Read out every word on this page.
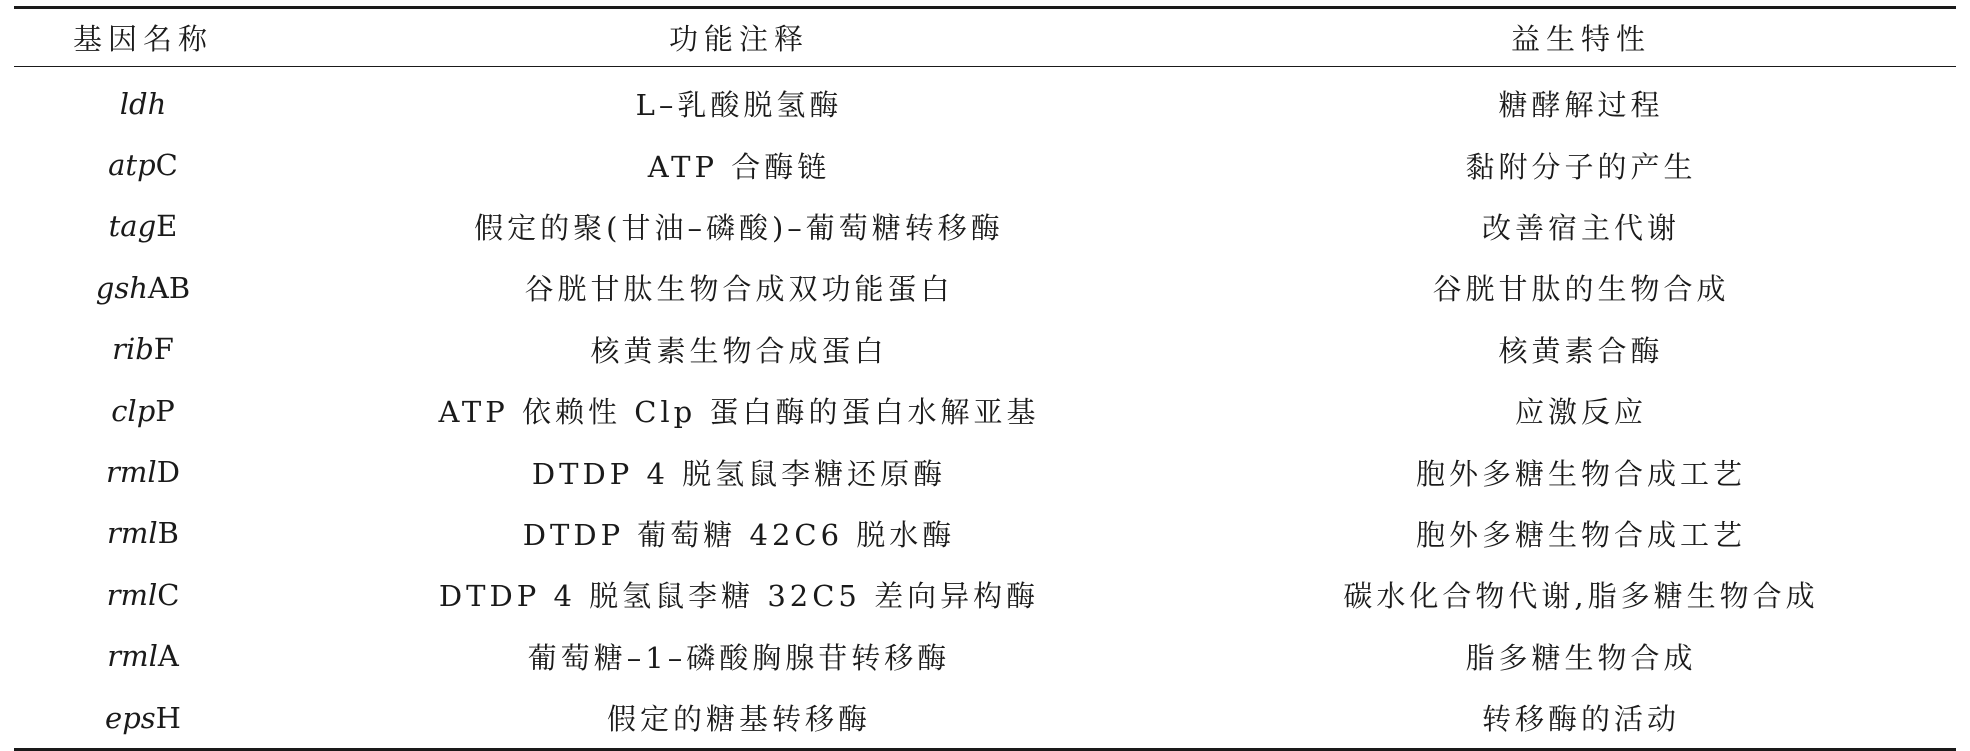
基因名称	功能注释	益生特性
ldh	L–乳酸脱氢酶	糖酵解过程
atpC	ATP 合酶链	黏附分子的产生
tagE	假定的聚(甘油–磷酸)–葡萄糖转移酶	改善宿主代谢
gshAB	谷胱甘肽生物合成双功能蛋白	谷胱甘肽的生物合成
ribF	核黄素生物合成蛋白	核黄素合酶
clpP	ATP 依赖性 Clp 蛋白酶的蛋白水解亚基	应激反应
rmlD	DTDP 4 脱氢鼠李糖还原酶	胞外多糖生物合成工艺
rmlB	DTDP 葡萄糖 42C6 脱水酶	胞外多糖生物合成工艺
rmlC	DTDP 4 脱氢鼠李糖 32C5 差向异构酶	碳水化合物代谢,脂多糖生物合成
rmlA	葡萄糖–1–磷酸胸腺苷转移酶	脂多糖生物合成
epsH	假定的糖基转移酶	转移酶的活动
